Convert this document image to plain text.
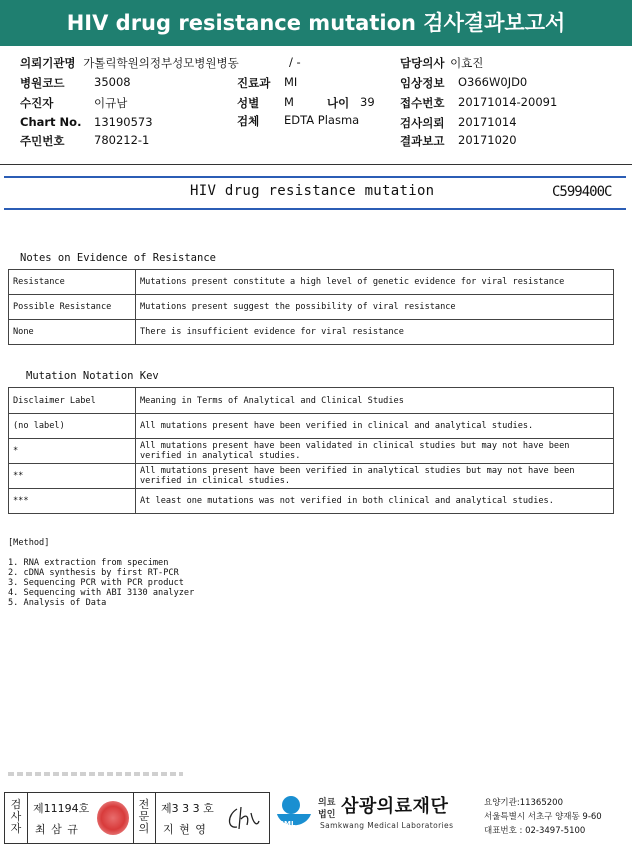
HIV drug resistance mutation 검사결과보고서
의뢰기관명 가톨릭학원의정부성모병원병동	/ -	담당의사 이효진
병원코드	35008	진료과 MI	임상정보 O366W0JD0
수진자	이규남	성별 M	나이 39 접수번호 20171014-20091
Chart No. 13190573	검체 EDTA Plasma	검사의뢰 20171014
주민번호	780212-1	결과보고 20171020
HIV drug resistance mutation	C599400C
Notes on Evidence of Resistance
Resistance	Mutations present constitute a high level of genetic evidence for viral resistance
Possible Resistance	Mutations present suggest the possibility of viral resistance
None	There is insufficient evidence for viral resistance
Mutation Notation Kev
Disclaimer Label	Meaning in Terms of Analytical and Clinical Studies
(no label)	All mutations present have been verified in clinical and analytical studies.
*	All mutations present have been validated in clinical studies but may not have been verified in analytical studies.
**	All mutations present have been verified in analytical studies but may not have been verified in clinical studies.
***	At least one mutations was not verified in both clinical and analytical studies.
[Method]
1. RNA extraction from specimen
2. cDNA synthesis by first RT-PCR
3. Sequencing PCR with PCR product
4. Sequencing with ABI 3130 analyzer
5. Analysis of Data
검
사
자
제11194호
최 삼 규
전
문
의
제3 3 3 호
지 현 영	SML
의료
법인 삼광의료재단
Samkwang Medical Laboratories
요양기관:11365200
서울특별시 서초구 양재동 9-60
대표번호 : 02-3497-5100
